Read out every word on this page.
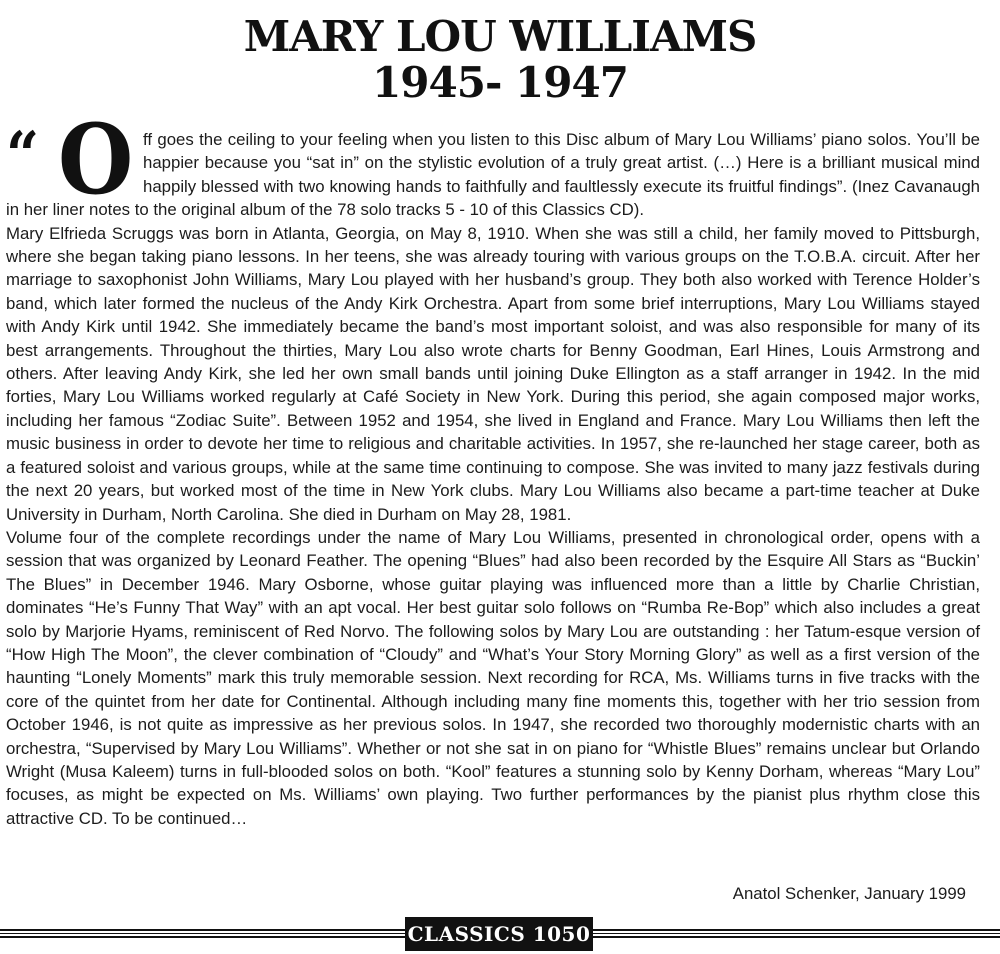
MARY LOU WILLIAMS
1945- 1947

“ O ff goes the ceiling to your feeling when you listen to this Disc album of Mary Lou Williams’ piano solos. You’ll be happier because you “sat in” on the stylistic evolution of a truly great artist. (…) Here is a brilliant musical mind happily blessed with two knowing hands to faithfully and faultlessly execute its fruitful findings”. (Inez Cavanaugh in her liner notes to the original album of the 78 solo tracks 5 - 10 of this Classics CD).

Mary Elfrieda Scruggs was born in Atlanta, Georgia, on May 8, 1910. When she was still a child, her family moved to Pittsburgh, where she began taking piano lessons. In her teens, she was already touring with various groups on the T.O.B.A. circuit. After her marriage to saxophonist John Williams, Mary Lou played with her husband’s group. They both also worked with Terence Holder’s band, which later formed the nucleus of the Andy Kirk Orchestra. Apart from some brief interruptions, Mary Lou Williams stayed with Andy Kirk until 1942. She immediately became the band’s most important soloist, and was also responsible for many of its best arrangements. Throughout the thirties, Mary Lou also wrote charts for Benny Goodman, Earl Hines, Louis Armstrong and others. After leaving Andy Kirk, she led her own small bands until joining Duke Ellington as a staff arranger in 1942. In the mid forties, Mary Lou Williams worked regularly at Café Society in New York. During this period, she again composed major works, including her famous “Zodiac Suite”. Between 1952 and 1954, she lived in England and France. Mary Lou Williams then left the music business in order to devote her time to religious and charitable activities. In 1957, she re-launched her stage career, both as a featured soloist and various groups, while at the same time continuing to compose. She was invited to many jazz festivals during the next 20 years, but worked most of the time in New York clubs. Mary Lou Williams also became a part-time teacher at Duke University in Durham, North Carolina. She died in Durham on May 28, 1981.

Volume four of the complete recordings under the name of Mary Lou Williams, presented in chronological order, opens with a session that was organized by Leonard Feather. The opening “Blues” had also been recorded by the Esquire All Stars as “Buckin’ The Blues” in December 1946. Mary Osborne, whose guitar playing was influenced more than a little by Charlie Christian, dominates “He’s Funny That Way” with an apt vocal. Her best guitar solo follows on “Rumba Re-Bop” which also includes a great solo by Marjorie Hyams, reminiscent of Red Norvo. The following solos by Mary Lou are outstanding : her Tatum-esque version of “How High The Moon”, the clever combination of “Cloudy” and “What’s Your Story Morning Glory” as well as a first version of the haunting “Lonely Moments” mark this truly memorable session. Next recording for RCA, Ms. Williams turns in five tracks with the core of the quintet from her date for Continental. Although including many fine moments this, together with her trio session from October 1946, is not quite as impressive as her previous solos. In 1947, she recorded two thoroughly modernistic charts with an orchestra, “Supervised by Mary Lou Williams”. Whether or not she sat in on piano for “Whistle Blues” remains unclear but Orlando Wright (Musa Kaleem) turns in full-blooded solos on both. “Kool” features a stunning solo by Kenny Dorham, whereas “Mary Lou” focuses, as might be expected on Ms. Williams’ own playing. Two further performances by the pianist plus rhythm close this attractive CD. To be continued…

Anatol Schenker, January 1999
CLASSICS 1050
